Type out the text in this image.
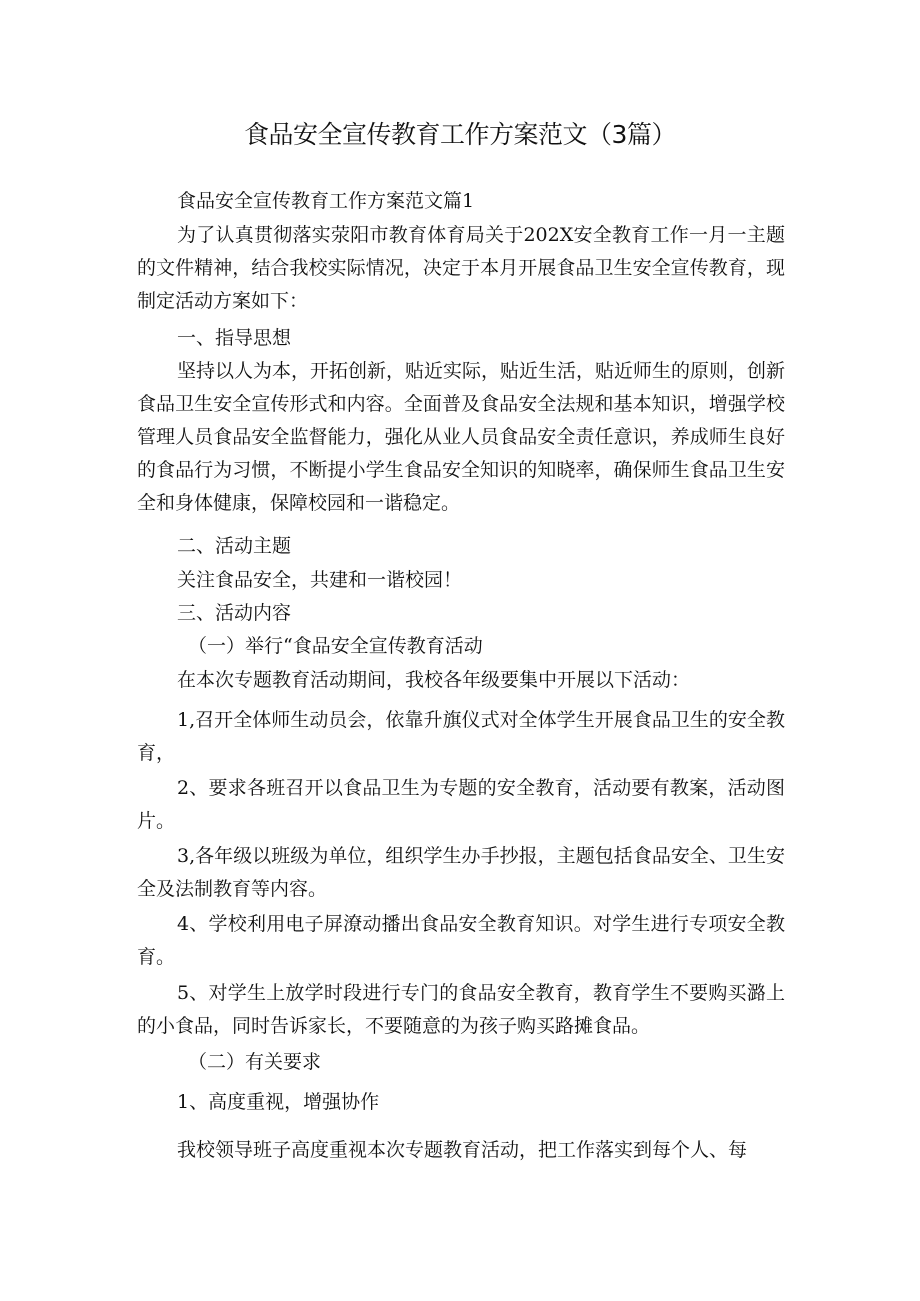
食品安全宣传教育工作方案范文（3篇）

食品安全宣传教育工作方案范文篇1

为了认真贯彻落实荥阳市教育体育局关于202X安全教育工作一月一主题的文件精神，结合我校实际情况，决定于本月开展食品卫生安全宣传教育，现制定活动方案如下：

一、指导思想

坚持以人为本，开拓创新，贴近实际，贴近生活，贴近师生的原则，创新食品卫生安全宣传形式和内容。全面普及食品安全法规和基本知识，增强学校管理人员食品安全监督能力，强化从业人员食品安全责任意识，养成师生良好的食品行为习惯，不断提小学生食品安全知识的知晓率，确保师生食品卫生安全和身体健康，保障校园和一谐稳定。

二、活动主题

关注食品安全，共建和一谐校园！

三、活动内容

（一）举行“食品安全宣传教育活动

在本次专题教育活动期间，我校各年级要集中开展以下活动：

1,召开全体师生动员会，依靠升旗仪式对全体学生开展食品卫生的安全教育，

2、要求各班召开以食品卫生为专题的安全教育，活动要有教案，活动图片。

3,各年级以班级为单位，组织学生办手抄报，主题包括食品安全、卫生安全及法制教育等内容。

4、学校利用电子屏潦动播出食品安全教育知识。对学生进行专项安全教育。

5、对学生上放学时段进行专门的食品安全教育，教育学生不要购买潞上的小食品，同时告诉家长，不要随意的为孩子购买路摊食品。

（二）有关要求

1、高度重视，增强协作

我校领导班子高度重视本次专题教育活动，把工作落实到每个人、每
